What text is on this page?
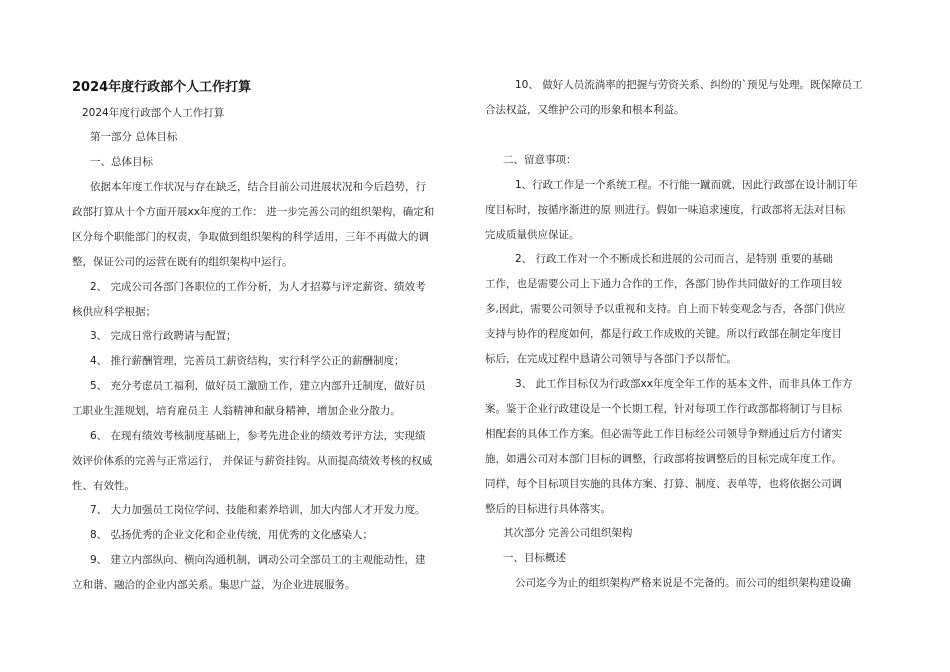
2024年度行政部个人工作打算
2024年度行政部个人工作打算
第一部分 总体目标
一、总体目标
依据本年度工作状况与存在缺乏，结合目前公司进展状况和今后趋势，行
政部打算从十个方面开展xx年度的工作： 进一步完善公司的组织架构，确定和
区分每个职能部门的权责，争取做到组织架构的科学适用，三年不再做大的调
整，保证公司的运营在既有的组织架构中运行。
2、 完成公司各部门各职位的工作分析，为人才招募与评定薪资、绩效考
核供应科学根据；
3、 完成日常行政聘请与配置；
4、 推行薪酬管理，完善员工薪资结构，实行科学公正的薪酬制度；
5、 充分考虑员工福利，做好员工激励工作，建立内部升迁制度，做好员
工职业生涯规划，培育雇员主 人翁精神和献身精神，增加企业分散力。
6、 在现有绩效考核制度基础上，参考先进企业的绩效考评方法，实现绩
效评价体系的完善与正常运行， 并保证与薪资挂钩。从而提高绩效考核的权威
性、有效性。
7、 大力加强员工岗位学问、技能和素养培训，加大内部人才开发力度。
8、 弘扬优秀的企业文化和企业传统，用优秀的文化感染人；
9、 建立内部纵向、横向沟通机制，调动公司全部员工的主观能动性，建
立和谐、融洽的企业内部关系。集思广益，为企业进展服务。
10、 做好人员流淌率的把握与劳资关系、纠纷的`预见与处理。既保障员工
合法权益，又维护公司的形象和根本利益。
二、留意事项：
1、行政工作是一个系统工程。不行能一蹴而就，因此行政部在设计制订年
度目标时，按循序渐进的原 则进行。假如一味追求速度，行政部将无法对目标
完成质量供应保证。
2、 行政工作对一个不断成长和进展的公司而言，是特别 重要的基础
工作，也是需要公司上下通力合作的工作，各部门协作共同做好的工作项目较
多,因此，需要公司领导予以重视和支持。自上而下转变观念与否，各部门供应
支持与协作的程度如何，都是行政工作成败的关键。所以行政部在制定年度目
标后，在完成过程中恳请公司领导与各部门予以帮忙。
3、 此工作目标仅为行政部xx年度全年工作的基本文件，而非具体工作方
案。鉴于企业行政建设是一个长期工程，针对每项工作行政部都将制订与目标
相配套的具体工作方案。但必需等此工作目标经公司领导争辩通过后方付诸实
施，如遇公司对本部门目标的调整，行政部将按调整后的目标完成年度工作。
同样，每个目标项目实施的具体方案、打算、制度、表单等，也将依据公司调
整后的目标进行具体落实。
其次部分 完善公司组织架构
一、目标概述
公司迄今为止的组织架构严格来说是不完备的。而公司的组织架构建设确
